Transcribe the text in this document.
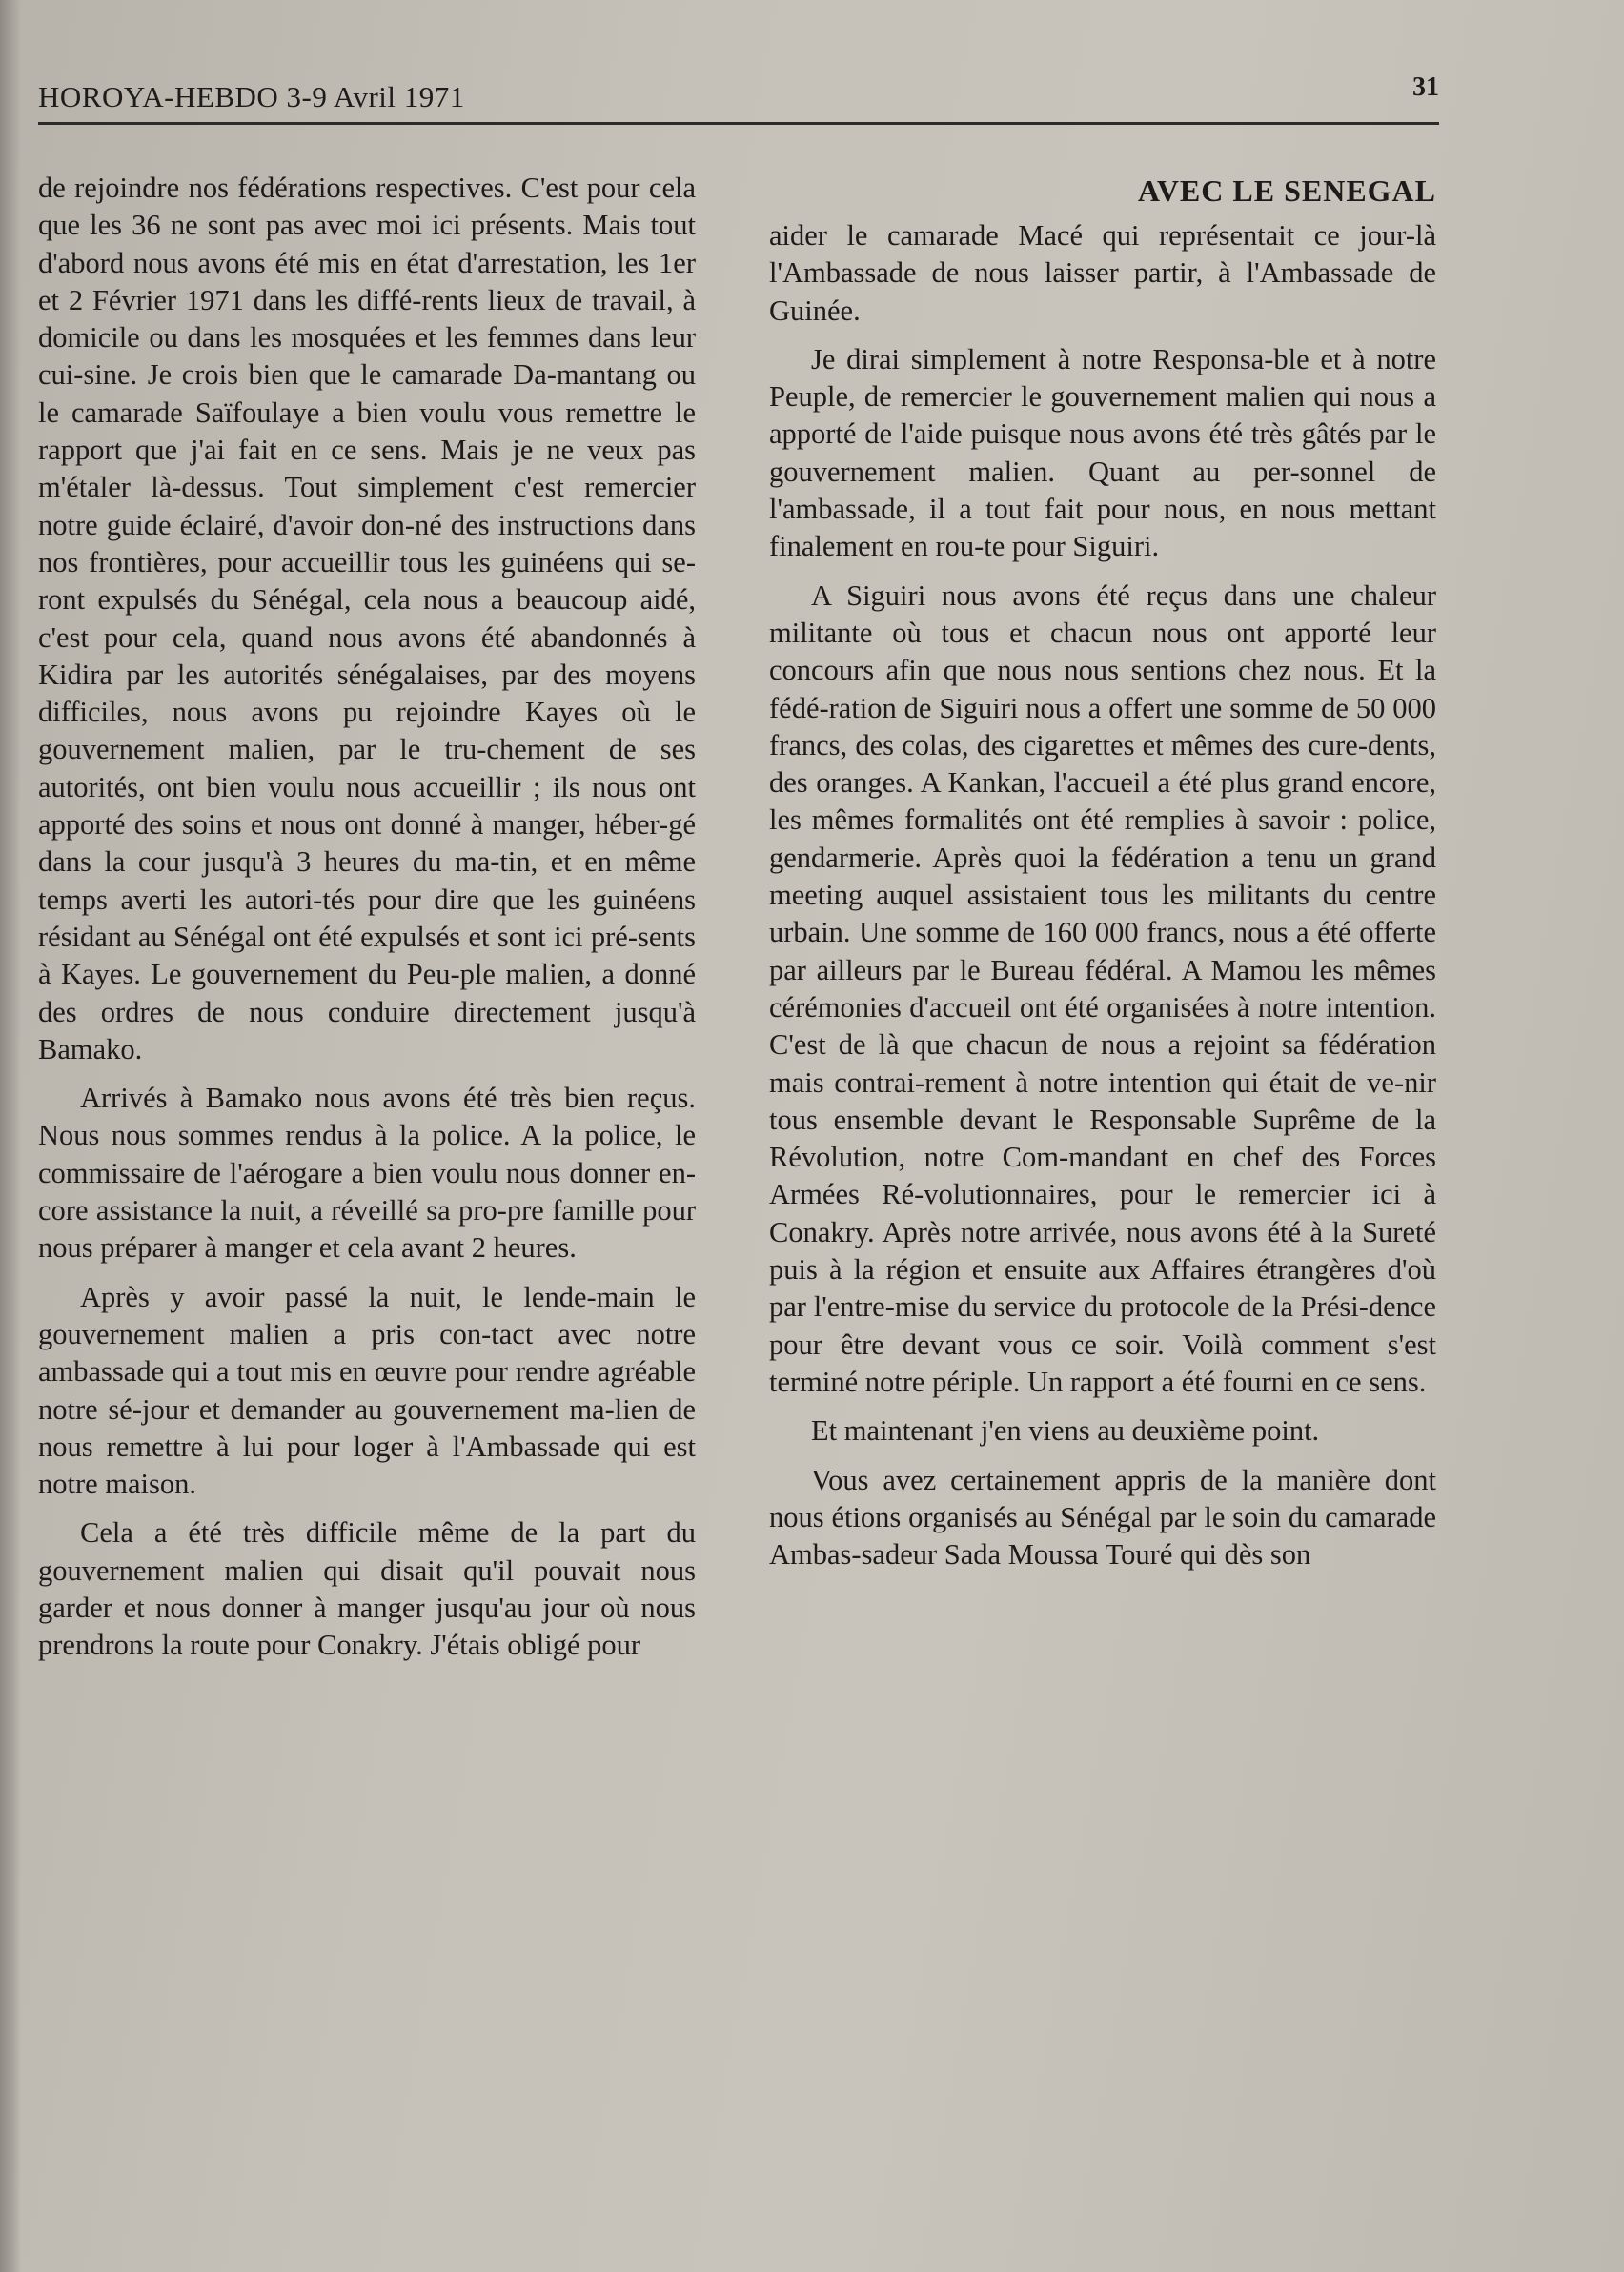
HOROYA-HEBDO 3-9 Avril 1971	31

de rejoindre nos fédérations respectives. C'est pour cela que les 36 ne sont pas avec moi ici présents. Mais tout d'abord nous avons été mis en état d'arrestation, les 1er et 2 Février 1971 dans les diffé-rents lieux de travail, à domicile ou dans les mosquées et les femmes dans leur cui-sine. Je crois bien que le camarade Da-mantang ou le camarade Saïfoulaye a bien voulu vous remettre le rapport que j'ai fait en ce sens. Mais je ne veux pas m'étaler là-dessus. Tout simplement c'est remercier notre guide éclairé, d'avoir don-né des instructions dans nos frontières, pour accueillir tous les guinéens qui se-ront expulsés du Sénégal, cela nous a beaucoup aidé, c'est pour cela, quand nous avons été abandonnés à Kidira par les autorités sénégalaises, par des moyens difficiles, nous avons pu rejoindre Kayes où le gouvernement malien, par le tru-chement de ses autorités, ont bien voulu nous accueillir ; ils nous ont apporté des soins et nous ont donné à manger, héber-gé dans la cour jusqu'à 3 heures du ma-tin, et en même temps averti les autori-tés pour dire que les guinéens résidant au Sénégal ont été expulsés et sont ici pré-sents à Kayes. Le gouvernement du Peu-ple malien, a donné des ordres de nous conduire directement jusqu'à Bamako.

Arrivés à Bamako nous avons été très bien reçus. Nous nous sommes rendus à la police. A la police, le commissaire de l'aérogare a bien voulu nous donner en-core assistance la nuit, a réveillé sa pro-pre famille pour nous préparer à manger et cela avant 2 heures.

Après y avoir passé la nuit, le lende-main le gouvernement malien a pris con-tact avec notre ambassade qui a tout mis en œuvre pour rendre agréable notre sé-jour et demander au gouvernement ma-lien de nous remettre à lui pour loger à l'Ambassade qui est notre maison.

Cela a été très difficile même de la part du gouvernement malien qui disait qu'il pouvait nous garder et nous donner à manger jusqu'au jour où nous prendrons la route pour Conakry. J'étais obligé pour

AVEC LE SENEGAL

aider le camarade Macé qui représentait ce jour-là l'Ambassade de nous laisser partir, à l'Ambassade de Guinée.

Je dirai simplement à notre Responsa-ble et à notre Peuple, de remercier le gouvernement malien qui nous a apporté de l'aide puisque nous avons été très gâtés par le gouvernement malien. Quant au per-sonnel de l'ambassade, il a tout fait pour nous, en nous mettant finalement en rou-te pour Siguiri.

A Siguiri nous avons été reçus dans une chaleur militante où tous et chacun nous ont apporté leur concours afin que nous nous sentions chez nous. Et la fédé-ration de Siguiri nous a offert une somme de 50 000 francs, des colas, des cigarettes et mêmes des cure-dents, des oranges. A Kankan, l'accueil a été plus grand encore, les mêmes formalités ont été remplies à savoir : police, gendarmerie. Après quoi la fédération a tenu un grand meeting auquel assistaient tous les militants du centre urbain. Une somme de 160 000 francs, nous a été offerte par ailleurs par le Bureau fédéral. A Mamou les mêmes cérémonies d'accueil ont été organisées à notre intention. C'est de là que chacun de nous a rejoint sa fédération mais contrai-rement à notre intention qui était de ve-nir tous ensemble devant le Responsable Suprême de la Révolution, notre Com-mandant en chef des Forces Armées Ré-volutionnaires, pour le remercier ici à Conakry. Après notre arrivée, nous avons été à la Sureté puis à la région et ensuite aux Affaires étrangères d'où par l'entre-mise du service du protocole de la Prési-dence pour être devant vous ce soir. Voilà comment s'est terminé notre périple. Un rapport a été fourni en ce sens.

Et maintenant j'en viens au deuxième point.

Vous avez certainement appris de la manière dont nous étions organisés au Sénégal par le soin du camarade Ambas-sadeur Sada Moussa Touré qui dès son
